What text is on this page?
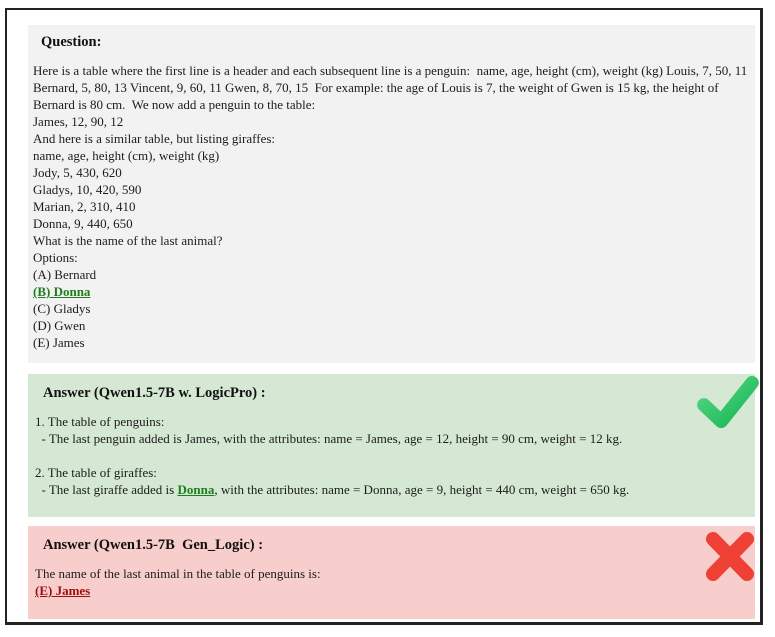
Question:
Here is a table where the first line is a header and each subsequent line is a penguin:  name, age, height (cm), weight (kg) Louis, 7, 50, 11 Bernard, 5, 80, 13 Vincent, 9, 60, 11 Gwen, 8, 70, 15  For example: the age of Louis is 7, the weight of Gwen is 15 kg, the height of Bernard is 80 cm.  We now add a penguin to the table:
James, 12, 90, 12
And here is a similar table, but listing giraffes:
name, age, height (cm), weight (kg)
Jody, 5, 430, 620
Gladys, 10, 420, 590
Marian, 2, 310, 410
Donna, 9, 440, 650
What is the name of the last animal?
Options:
(A) Bernard
(B) Donna
(C) Gladys
(D) Gwen
(E) James
Answer (Qwen1.5-7B w. LogicPro) :
1. The table of penguins:
- The last penguin added is James, with the attributes: name = James, age = 12, height = 90 cm, weight = 12 kg.
2. The table of giraffes:
- The last giraffe added is Donna, with the attributes: name = Donna, age = 9, height = 440 cm, weight = 650 kg.
Answer (Qwen1.5-7B  Gen_Logic) :
The name of the last animal in the table of penguins is:
(E) James
